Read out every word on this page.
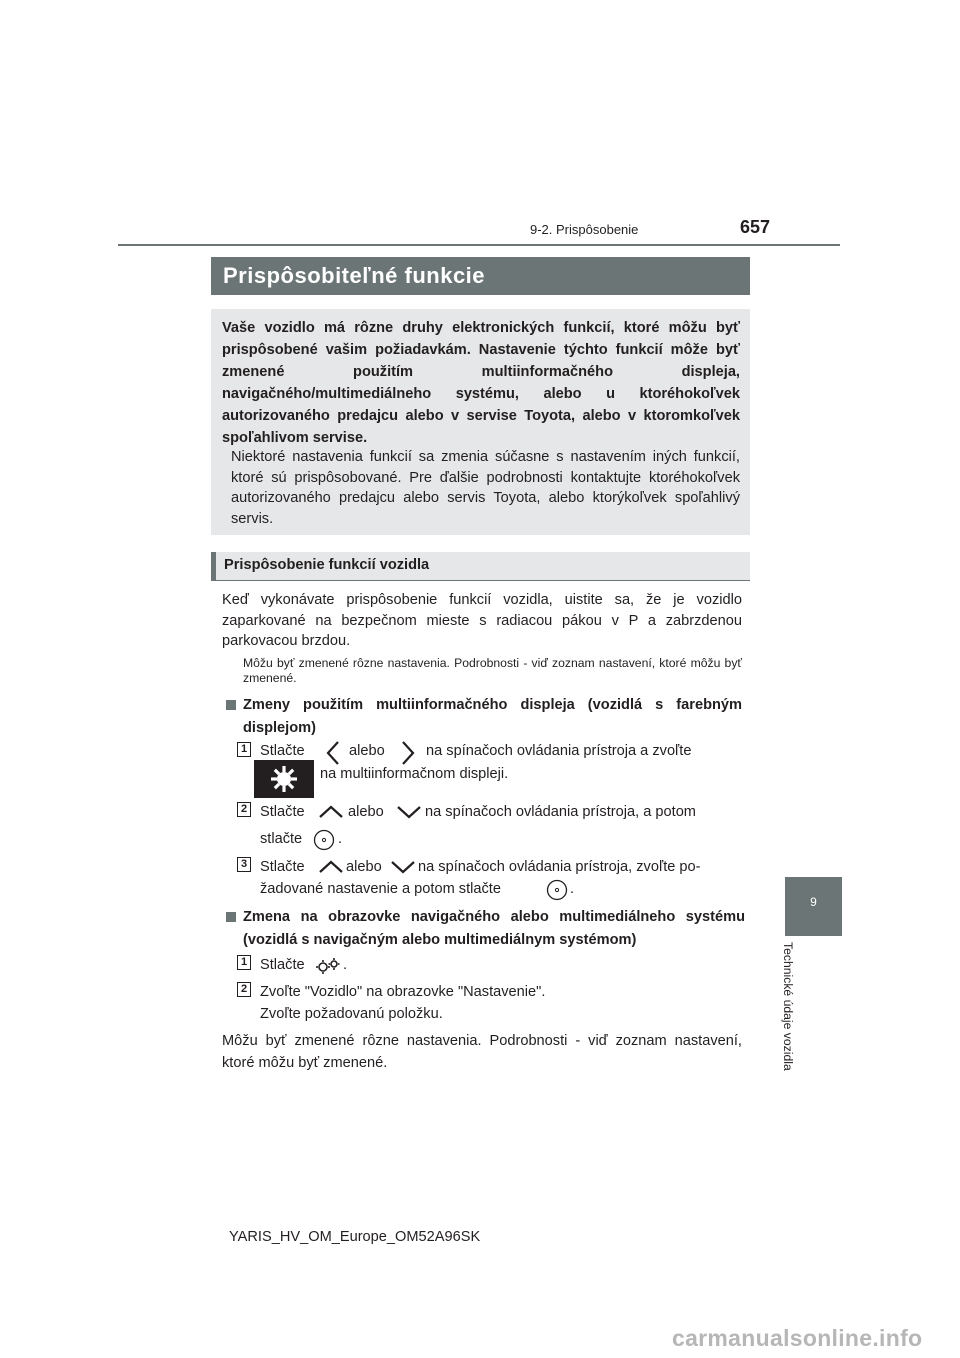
9-2. Prispôsobenie	657
Prispôsobiteľné funkcie
Vaše vozidlo má rôzne druhy elektronických funkcií, ktoré môžu byť prispôsobené vašim požiadavkám. Nastavenie týchto funkcií môže byť zmenené použitím multiinformačného displeja, navigačného/multimediálneho systému, alebo u ktoréhokoľvek autorizovaného predajcu alebo v servise Toyota, alebo v ktoromkoľvek spoľahlivom servise.
Niektoré nastavenia funkcií sa zmenia súčasne s nastavením iných funkcií, ktoré sú prispôsobované. Pre ďalšie podrobnosti kontaktujte ktoréhokoľvek autorizovaného predajcu alebo servis Toyota, alebo ktorýkoľvek spoľahlivý servis.
Prispôsobenie funkcií vozidla
Keď vykonávate prispôsobenie funkcií vozidla, uistite sa, že je vozidlo zaparkované na bezpečnom mieste s radiacou pákou v P a zabrzdenou parkovacou brzdou.
Môžu byť zmenené rôzne nastavenia. Podrobnosti - viď zoznam nastavení, ktoré môžu byť zmenené.
Zmeny použitím multiinformačného displeja (vozidlá s farebným displejom)
1 Stlačte	alebo	na spínačoch ovládania prístroja a zvoľte
na multiinformačnom displeji.
2 Stlačte	alebo	na spínačoch ovládania prístroja, a potom
stlačte .
3 Stlačte	alebo na spínačoch ovládania prístroja, zvoľte po-
žadované nastavenie a potom stlačte	.
Zmena na obrazovke navigačného alebo multimediálneho systému (vozidlá s navigačným alebo multimediálnym systémom)
1 Stlačte	.
2 Zvoľte "Vozidlo" na obrazovke "Nastavenie".
Zvoľte požadovanú položku.
Môžu byť zmenené rôzne nastavenia. Podrobnosti - viď zoznam nastavení, ktoré môžu byť zmenené.
9
Technické údaje vozidla
YARIS_HV_OM_Europe_OM52A96SK
carmanualsonline.info
